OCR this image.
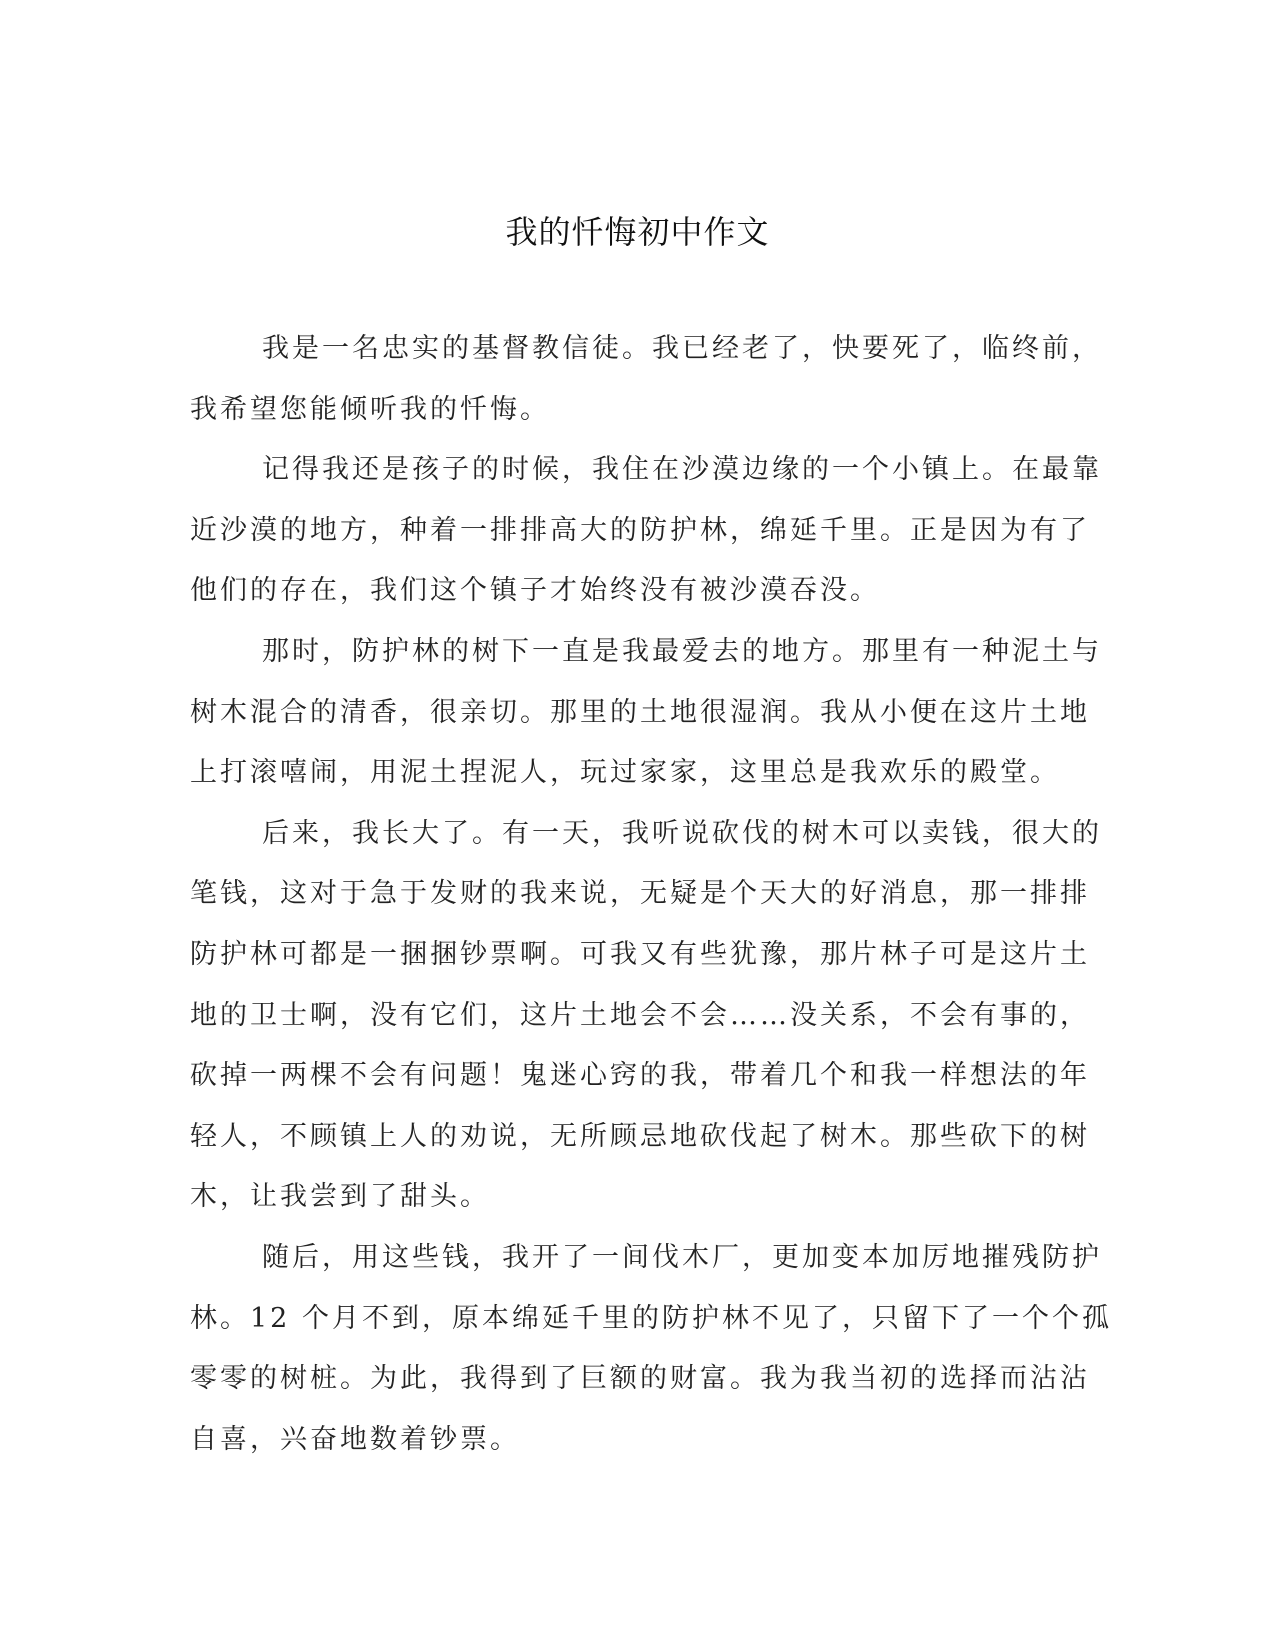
我的忏悔初中作文
我是一名忠实的基督教信徒。我已经老了，快要死了，临终前，
我希望您能倾听我的忏悔。
记得我还是孩子的时候，我住在沙漠边缘的一个小镇上。在最靠
近沙漠的地方，种着一排排高大的防护林，绵延千里。正是因为有了
他们的存在，我们这个镇子才始终没有被沙漠吞没。
那时，防护林的树下一直是我最爱去的地方。那里有一种泥土与
树木混合的清香，很亲切。那里的土地很湿润。我从小便在这片土地
上打滚嘻闹，用泥土捏泥人，玩过家家，这里总是我欢乐的殿堂。
后来，我长大了。有一天，我听说砍伐的树木可以卖钱，很大的
笔钱，这对于急于发财的我来说，无疑是个天大的好消息，那一排排
防护林可都是一捆捆钞票啊。可我又有些犹豫，那片林子可是这片土
地的卫士啊，没有它们，这片土地会不会……没关系，不会有事的，
砍掉一两棵不会有问题！鬼迷心窍的我，带着几个和我一样想法的年
轻人，不顾镇上人的劝说，无所顾忌地砍伐起了树木。那些砍下的树
木，让我尝到了甜头。
随后，用这些钱，我开了一间伐木厂，更加变本加厉地摧残防护
林。12 个月不到，原本绵延千里的防护林不见了，只留下了一个个孤
零零的树桩。为此，我得到了巨额的财富。我为我当初的选择而沾沾
自喜，兴奋地数着钞票。
